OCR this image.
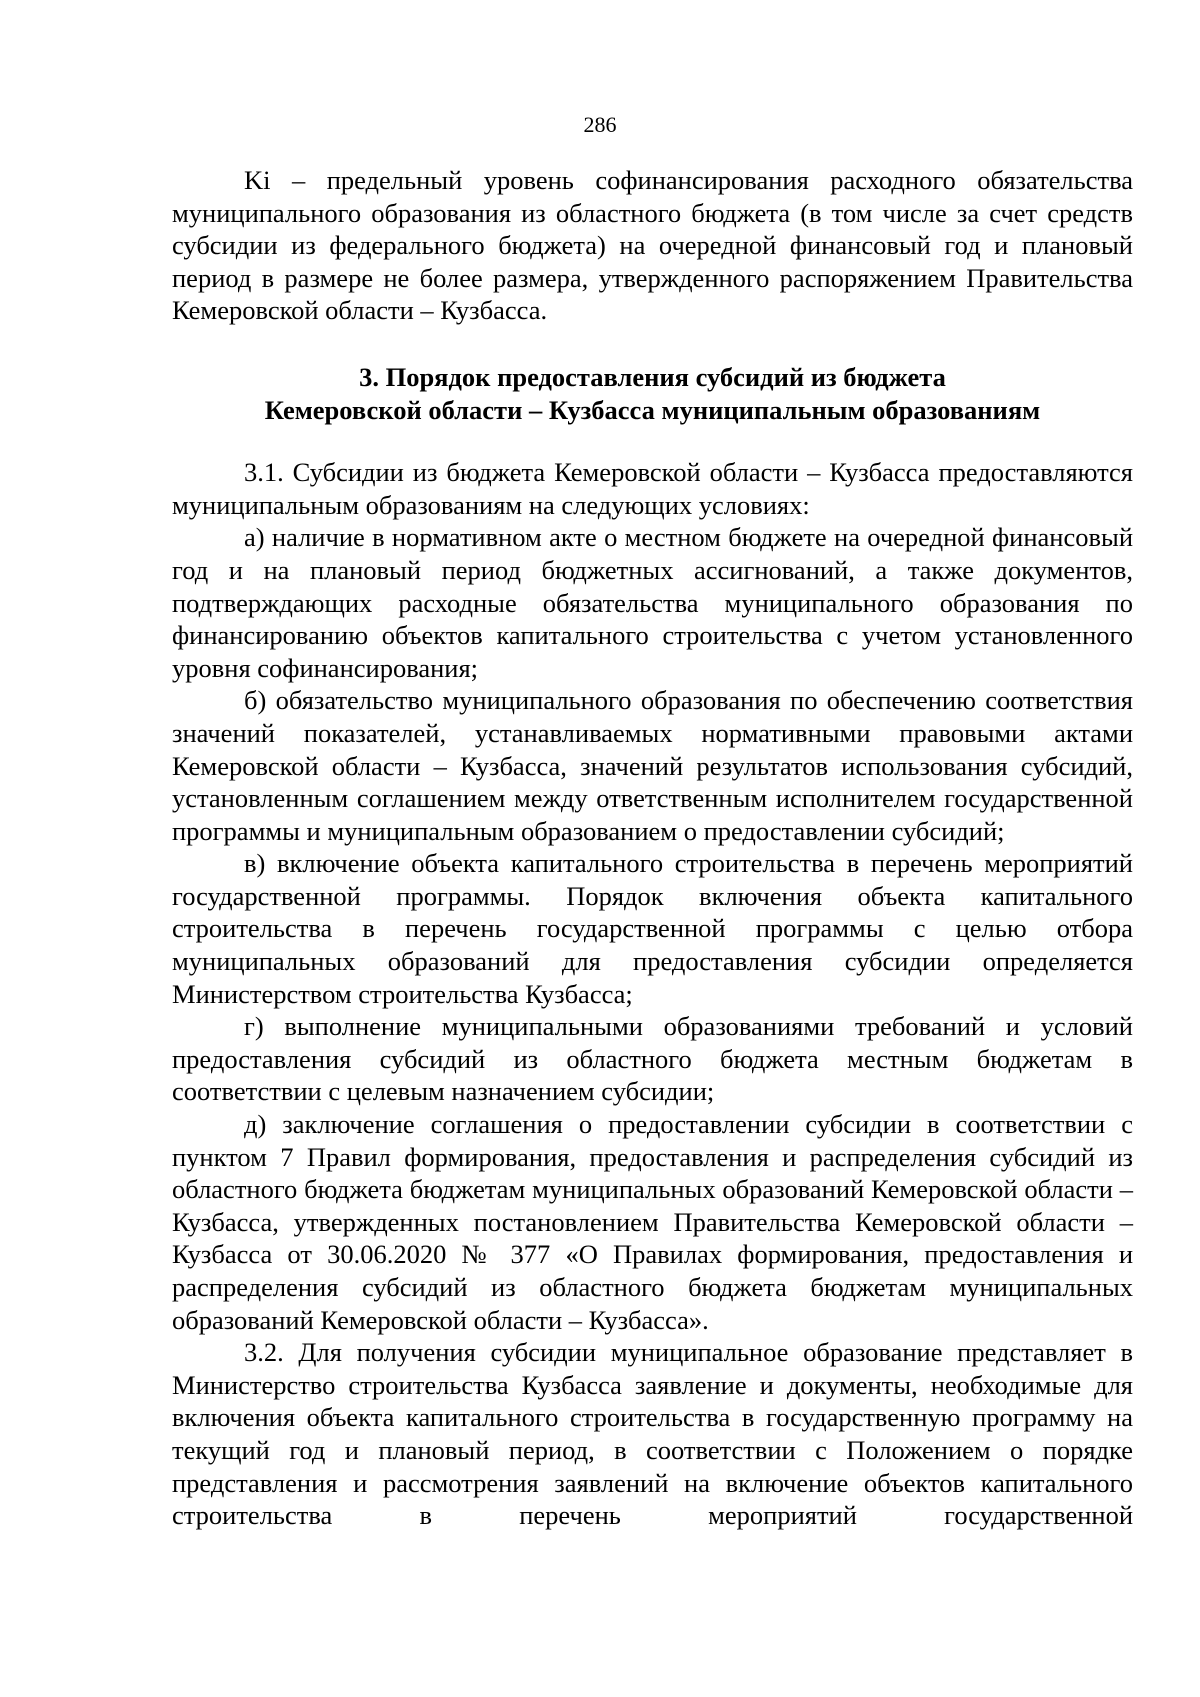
286

Ki – предельный уровень софинансирования расходного обязательства муниципального образования из областного бюджета (в том числе за счет средств субсидии из федерального бюджета) на очередной финансовый год и плановый период в размере не более размера, утвержденного распоряжением Правительства Кемеровской области – Кузбасса.

3. Порядок предоставления субсидий из бюджета
Кемеровской области – Кузбасса муниципальным образованиям

3.1. Субсидии из бюджета Кемеровской области – Кузбасса предоставляются муниципальным образованиям на следующих условиях:

а) наличие в нормативном акте о местном бюджете на очередной финансовый год и на плановый период бюджетных ассигнований, а также документов, подтверждающих расходные обязательства муниципального образования по финансированию объектов капитального строительства с учетом установленного уровня софинансирования;

б) обязательство муниципального образования по обеспечению соответствия значений показателей, устанавливаемых нормативными правовыми актами Кемеровской области – Кузбасса, значений результатов использования субсидий, установленным соглашением между ответственным исполнителем государственной программы и муниципальным образованием о предоставлении субсидий;

в) включение объекта капитального строительства в перечень мероприятий государственной программы. Порядок включения объекта капитального строительства в перечень государственной программы с целью отбора муниципальных образований для предоставления субсидии определяется Министерством строительства Кузбасса;

г) выполнение муниципальными образованиями требований и условий предоставления субсидий из областного бюджета местным бюджетам в соответствии с целевым назначением субсидии;

д) заключение соглашения о предоставлении субсидии в соответствии с пунктом 7 Правил формирования, предоставления и распределения субсидий из областного бюджета бюджетам муниципальных образований Кемеровской области – Кузбасса, утвержденных постановлением Правительства Кемеровской области – Кузбасса от 30.06.2020 № 377 «О Правилах формирования, предоставления и распределения субсидий из областного бюджета бюджетам муниципальных образований Кемеровской области – Кузбасса».

3.2. Для получения субсидии муниципальное образование представляет в Министерство строительства Кузбасса заявление и документы, необходимые для включения объекта капитального строительства в государственную программу на текущий год и плановый период, в соответствии с Положением о порядке представления и рассмотрения заявлений на включение объектов капитального строительства в перечень мероприятий государственной
